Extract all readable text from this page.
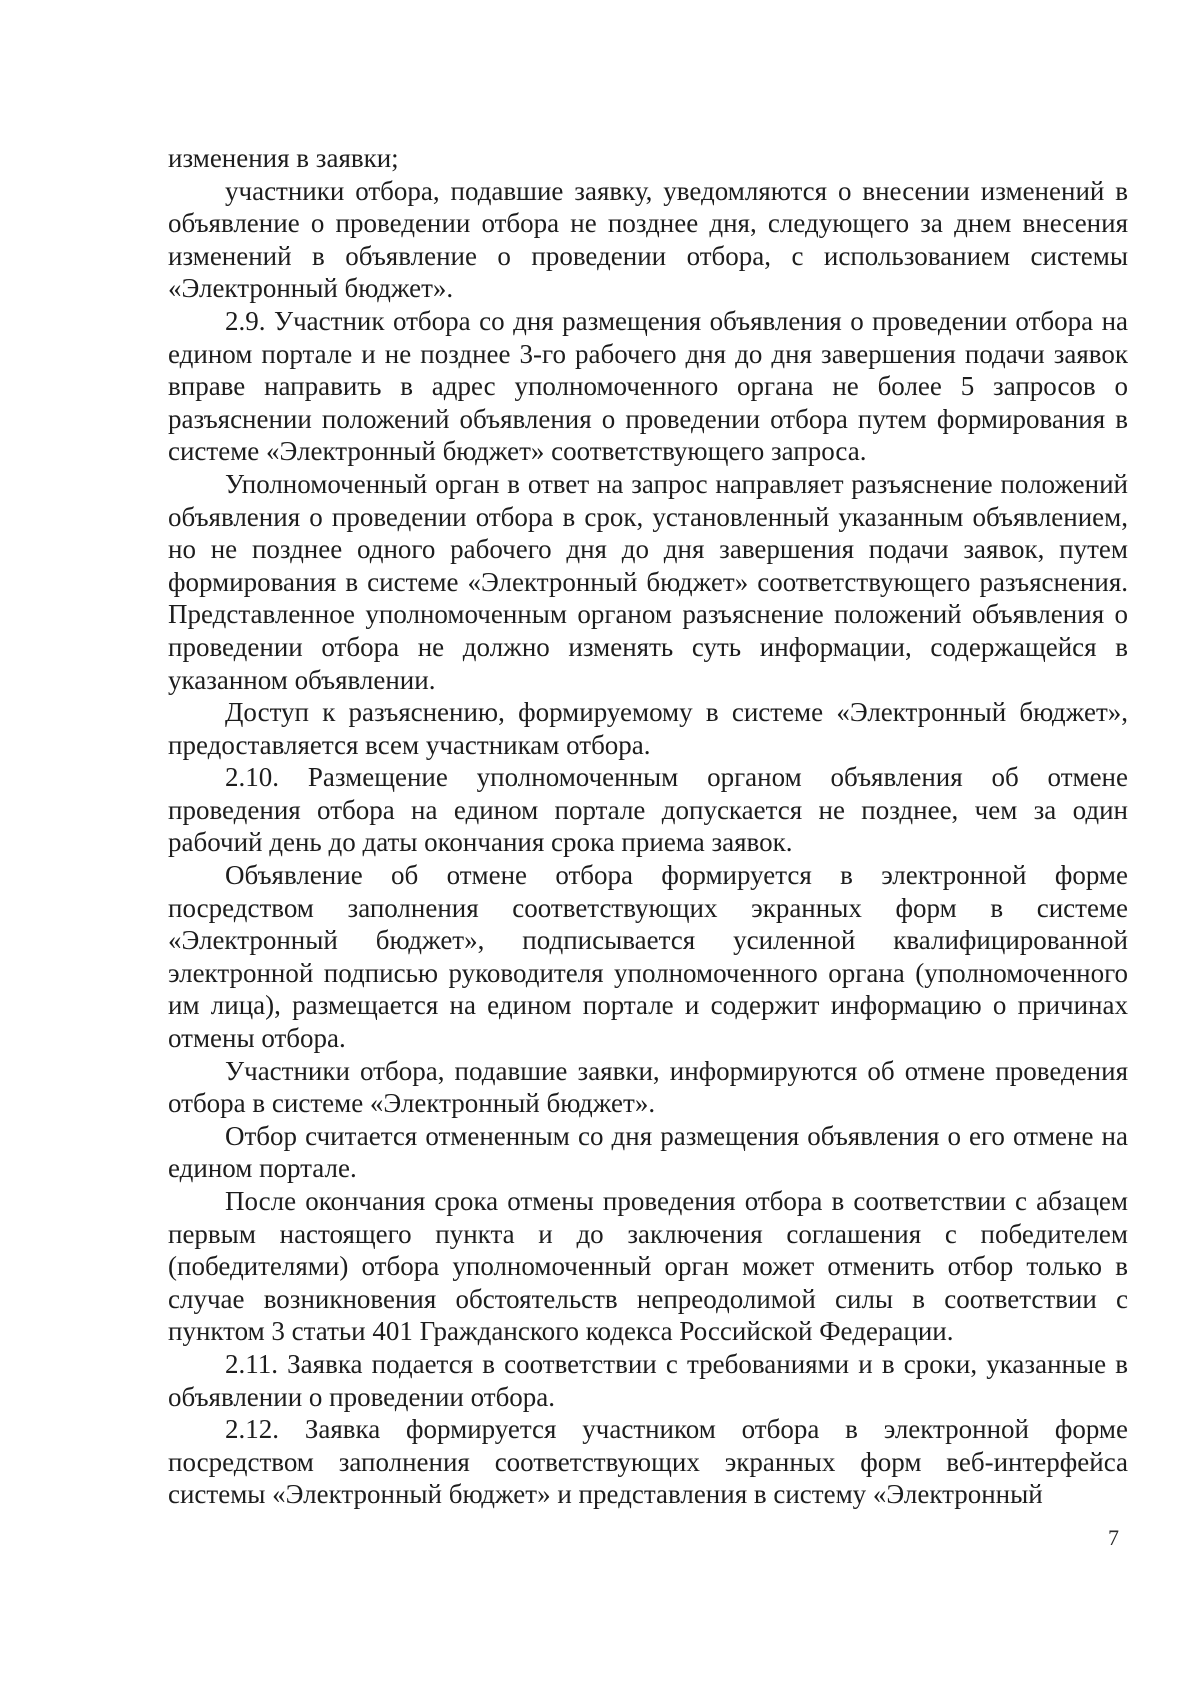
изменения в заявки;

участники отбора, подавшие заявку, уведомляются о внесении изменений в объявление о проведении отбора не позднее дня, следующего за днем внесения изменений в объявление о проведении отбора, с использованием системы «Электронный бюджет».

2.9. Участник отбора со дня размещения объявления о проведении отбора на едином портале и не позднее 3-го рабочего дня до дня завершения подачи заявок вправе направить в адрес уполномоченного органа не более 5 запросов о разъяснении положений объявления о проведении отбора путем формирования в системе «Электронный бюджет» соответствующего запроса.

Уполномоченный орган в ответ на запрос направляет разъяснение положений объявления о проведении отбора в срок, установленный указанным объявлением, но не позднее одного рабочего дня до дня завершения подачи заявок, путем формирования в системе «Электронный бюджет» соответствующего разъяснения. Представленное уполномоченным органом разъяснение положений объявления о проведении отбора не должно изменять суть информации, содержащейся в указанном объявлении.

Доступ к разъяснению, формируемому в системе «Электронный бюджет», предоставляется всем участникам отбора.

2.10. Размещение уполномоченным органом объявления об отмене проведения отбора на едином портале допускается не позднее, чем за один рабочий день до даты окончания срока приема заявок.

Объявление об отмене отбора формируется в электронной форме посредством заполнения соответствующих экранных форм в системе «Электронный бюджет», подписывается усиленной квалифицированной электронной подписью руководителя уполномоченного органа (уполномоченного им лица), размещается на едином портале и содержит информацию о причинах отмены отбора.

Участники отбора, подавшие заявки, информируются об отмене проведения отбора в системе «Электронный бюджет».

Отбор считается отмененным со дня размещения объявления о его отмене на едином портале.

После окончания срока отмены проведения отбора в соответствии с абзацем первым настоящего пункта и до заключения соглашения с победителем (победителями) отбора уполномоченный орган может отменить отбор только в случае возникновения обстоятельств непреодолимой силы в соответствии с пунктом 3 статьи 401 Гражданского кодекса Российской Федерации.

2.11. Заявка подается в соответствии с требованиями и в сроки, указанные в объявлении о проведении отбора.

2.12. Заявка формируется участником отбора в электронной форме посредством заполнения соответствующих экранных форм веб-интерфейса системы «Электронный бюджет» и представления в систему «Электронный

7
